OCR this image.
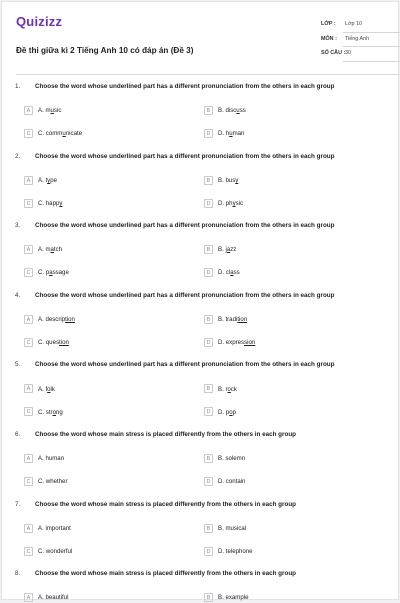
Quizizz
Đề thi giữa kì 2 Tiếng Anh 10 có đáp án (Đề 3)
LỚP : Lớp 10
MÔN : Tiếng Anh
SỐ CÂU : 30
1. Choose the word whose underlined part has a different pronunciation from the others in each group
A	A. music	B	B. discuss
C	C. communicate	D	D. human
2. Choose the word whose underlined part has a different pronunciation from the others in each group
A	A. type	B	B. busy
C	C. happy	D	D. physic
3. Choose the word whose underlined part has a different pronunciation from the others in each group
A	A. match	B	B. jazz
C	C. passage	D	D. class
4. Choose the word whose underlined part has a different pronunciation from the others in each group
A	A. description	B	B. tradition
C	C. question	D	D. expression
5. Choose the word whose underlined part has a different pronunciation from the others in each group
A	A. folk	B	B. rock
C	C. strong	D	D. pop
6. Choose the word whose main stress is placed differently from the others in each group
A	A. human	B	B. solemn
C	C. whether	D	D. contain
7. Choose the word whose main stress is placed differently from the others in each group
A	A. important	B	B. musical
C	C. wonderful	D	D. telephone
8. Choose the word whose main stress is placed differently from the others in each group
A	A. beautiful	B	B. example
